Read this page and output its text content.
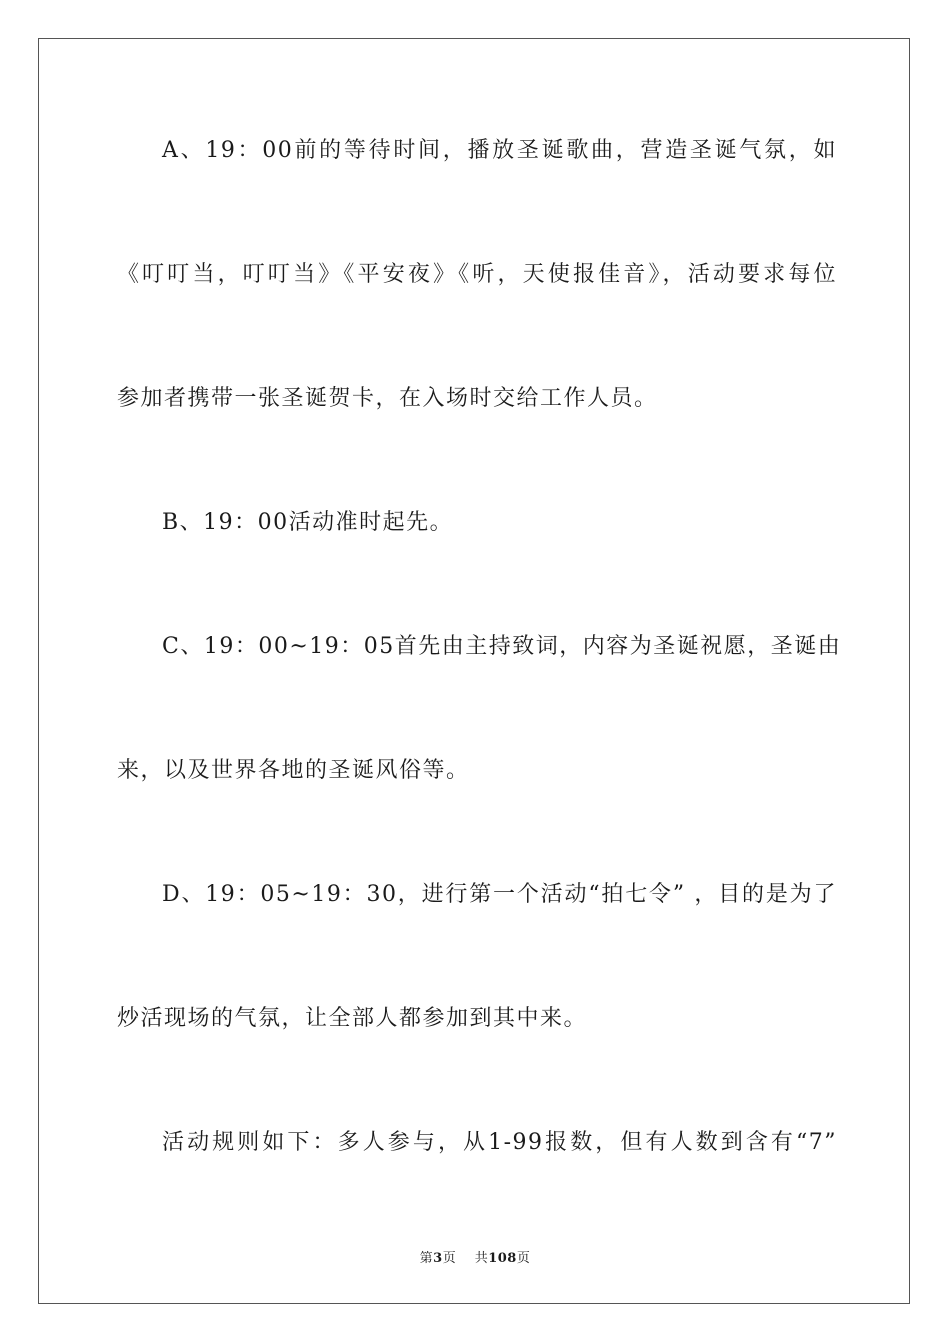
A、19：00前的等待时间，播放圣诞歌曲，营造圣诞气氛，如
《叮叮当，叮叮当》《平安夜》《听，天使报佳音》，活动要求每位
参加者携带一张圣诞贺卡，在入场时交给工作人员。
B、19：00活动准时起先。
C、19：00~19：05首先由主持致词，内容为圣诞祝愿，圣诞由
来，以及世界各地的圣诞风俗等。
D、19：05~19：30，进行第一个活动“拍七令” ，目的是为了
炒活现场的气氛，让全部人都参加到其中来。
活动规则如下：多人参与，从1-99报数，但有人数到含有“7”
第3页    共108页
